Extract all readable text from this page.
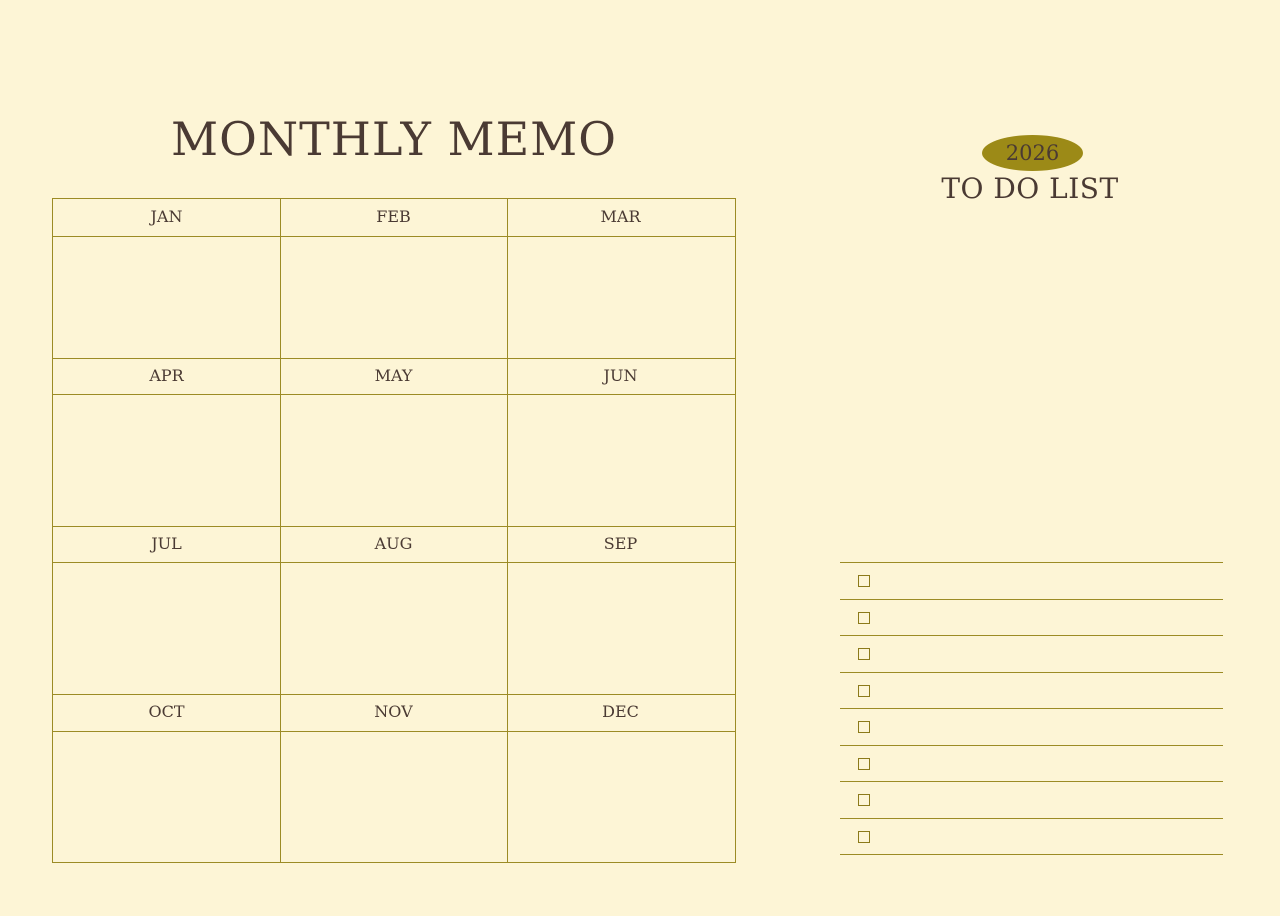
MONTHLY MEMO
JAN	FEB	MAR
APR	MAY	JUN
JUL	AUG	SEP
OCT	NOV	DEC
2026
TO DO LIST
